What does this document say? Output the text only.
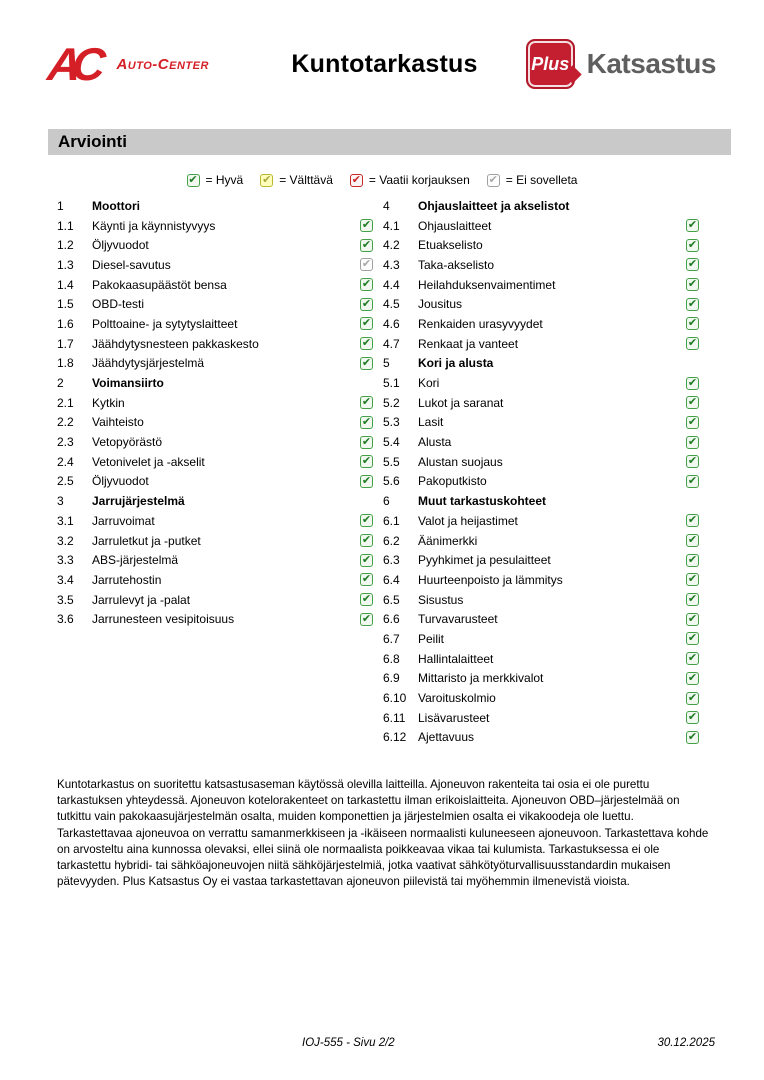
AC	Auto-Center	Kuntotarkastus	Plus Katsastus
Arviointi
✔ = Hyvä ✔ = Välttävä ✔ = Vaatii korjauksen ✔ = Ei sovelleta
1	Moottori
1.1	Käynti ja käynnistyvyys	✔
1.2	Öljyvuodot	✔
1.3	Diesel-savutus	✔
1.4	Pakokaasupäästöt bensa	✔
1.5	OBD-testi	✔
1.6	Polttoaine- ja sytytyslaitteet	✔
1.7	Jäähdytysnesteen pakkaskesto	✔
1.8	Jäähdytysjärjestelmä	✔
2	Voimansiirto
2.1	Kytkin	✔
2.2	Vaihteisto	✔
2.3	Vetopyörästö	✔
2.4	Vetonivelet ja -akselit	✔
2.5	Öljyvuodot	✔
3	Jarrujärjestelmä
3.1	Jarruvoimat	✔
3.2	Jarruletkut ja -putket	✔
3.3	ABS-järjestelmä	✔
3.4	Jarrutehostin	✔
3.5	Jarrulevyt ja -palat	✔
3.6	Jarrunesteen vesipitoisuus	✔
4	Ohjauslaitteet ja akselistot
4.1	Ohjauslaitteet	✔
4.2	Etuakselisto	✔
4.3	Taka-akselisto	✔
4.4	Heilahduksenvaimentimet	✔
4.5	Jousitus	✔
4.6	Renkaiden urasyvyydet	✔
4.7	Renkaat ja vanteet	✔
5	Kori ja alusta
5.1	Kori	✔
5.2	Lukot ja saranat	✔
5.3	Lasit	✔
5.4	Alusta	✔
5.5	Alustan suojaus	✔
5.6	Pakoputkisto	✔
6	Muut tarkastuskohteet
6.1	Valot ja heijastimet	✔
6.2	Äänimerkki	✔
6.3	Pyyhkimet ja pesulaitteet	✔
6.4	Huurteenpoisto ja lämmitys	✔
6.5	Sisustus	✔
6.6	Turvavarusteet	✔
6.7	Peilit	✔
6.8	Hallintalaitteet	✔
6.9	Mittaristo ja merkkivalot	✔
6.10 Varoituskolmio	✔
6.11	Lisävarusteet	✔
6.12 Ajettavuus	✔

Kuntotarkastus on suoritettu katsastusaseman käytössä olevilla laitteilla. Ajoneuvon rakenteita tai osia ei ole purettu tarkastuksen yhteydessä. Ajoneuvon kotelorakenteet on tarkastettu ilman erikoislaitteita. Ajoneuvon OBD–järjestelmää on tutkittu vain pakokaasujärjestelmän osalta, muiden komponettien ja järjestelmien osalta ei vikakoodeja ole luettu.

Tarkastettavaa ajoneuvoa on verrattu samanmerkkiseen ja -ikäiseen normaalisti kuluneeseen ajoneuvoon. Tarkastettava kohde on arvosteltu aina kunnossa olevaksi, ellei siinä ole normaalista poikkeavaa vikaa tai kulumista. Tarkastuksessa ei ole tarkastettu hybridi- tai sähköajoneuvojen niitä sähköjärjestelmiä, jotka vaativat sähkötyöturvallisuusstandardin mukaisen pätevyyden. Plus Katsastus Oy ei vastaa tarkastettavan ajoneuvon piilevistä tai myöhemmin ilmenevistä vioista.

IOJ-555 - Sivu 2/2	30.12.2025
